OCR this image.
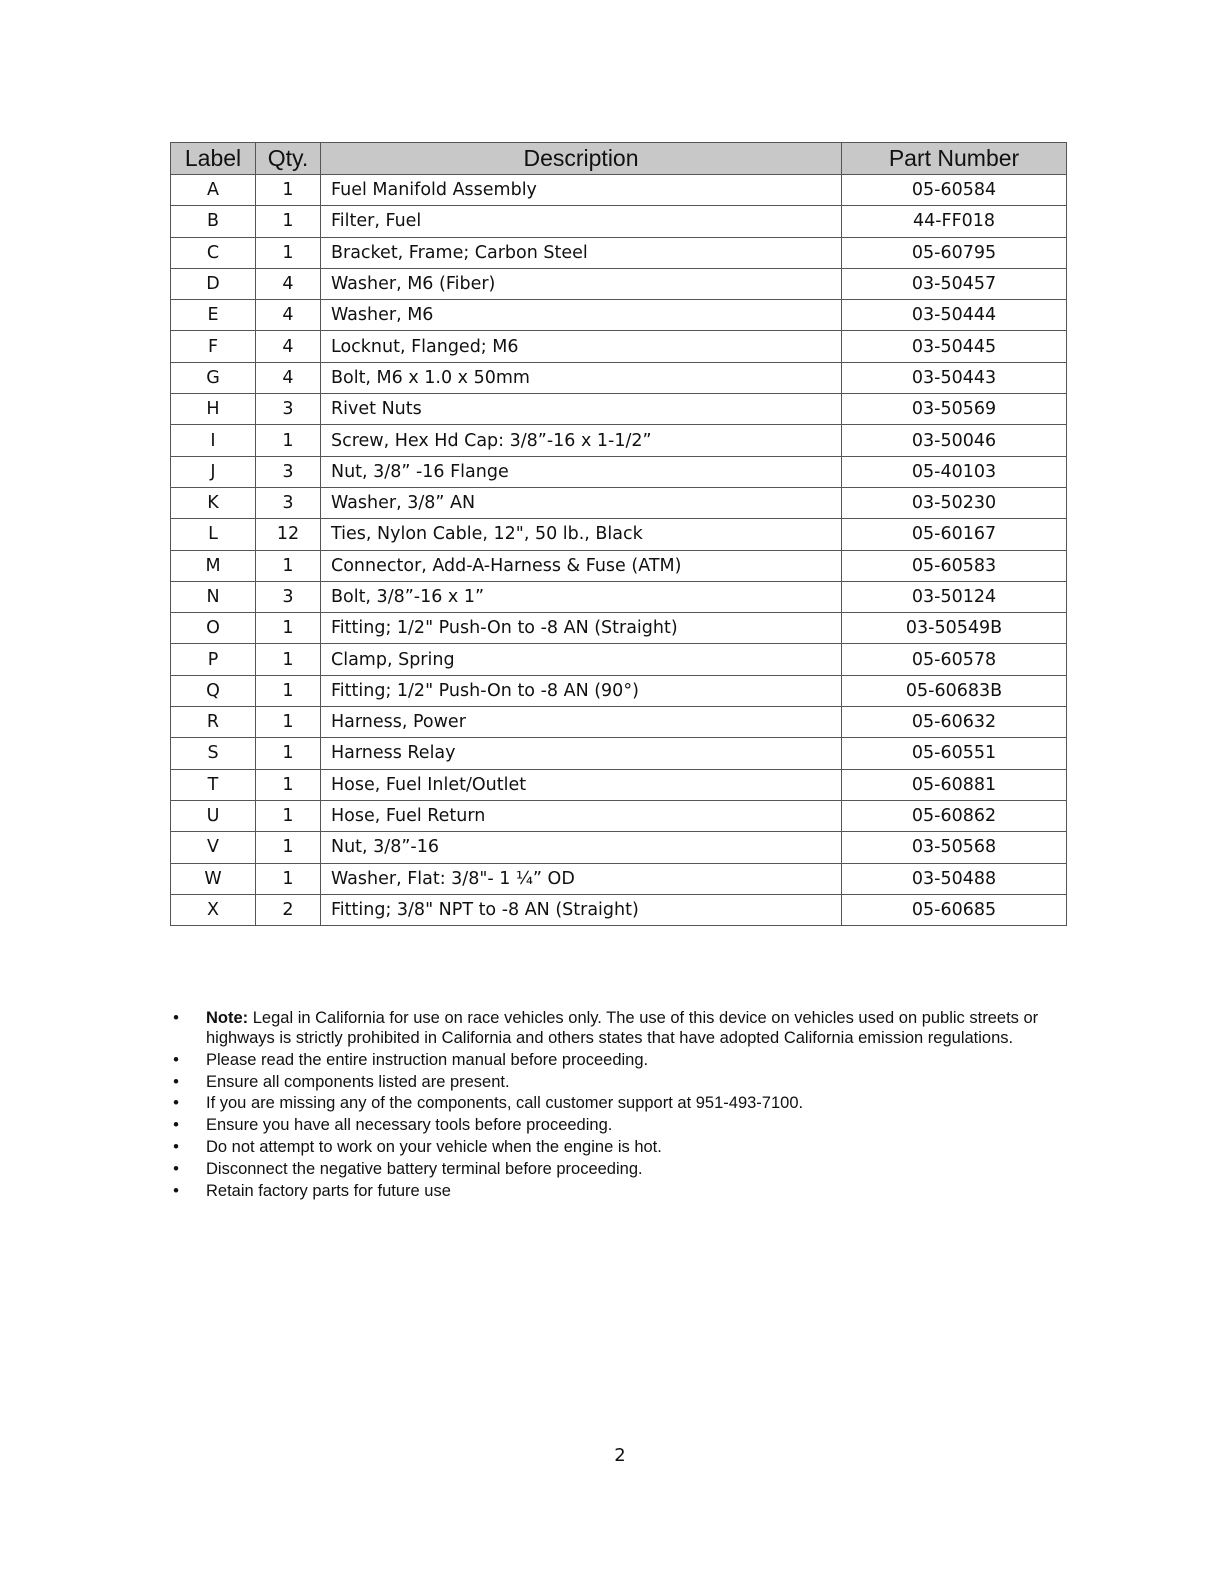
Label	Qty.	Description	Part Number
A	1	Fuel Manifold Assembly	05-60584
B	1	Filter, Fuel	44-FF018
C	1	Bracket, Frame; Carbon Steel	05-60795
D	4	Washer, M6 (Fiber)	03-50457
E	4	Washer, M6	03-50444
F	4	Locknut, Flanged; M6	03-50445
G	4	Bolt, M6 x 1.0 x 50mm	03-50443
H	3	Rivet Nuts	03-50569
I	1	Screw, Hex Hd Cap: 3/8”-16 x 1-1/2”	03-50046
J	3	Nut, 3/8” -16 Flange	05-40103
K	3	Washer, 3/8” AN	03-50230
L	12	Ties, Nylon Cable, 12", 50 lb., Black	05-60167
M	1	Connector, Add-A-Harness & Fuse (ATM)	05-60583
N	3	Bolt, 3/8”-16 x 1”	03-50124
O	1	Fitting; 1/2" Push-On to -8 AN (Straight)	03-50549B
P	1	Clamp, Spring	05-60578
Q	1	Fitting; 1/2" Push-On to -8 AN (90°)	05-60683B
R	1	Harness, Power	05-60632
S	1	Harness Relay	05-60551
T	1	Hose, Fuel Inlet/Outlet	05-60881
U	1	Hose, Fuel Return	05-60862
V	1	Nut, 3/8”-16	03-50568
W	1	Washer, Flat: 3/8"- 1 ¼” OD	03-50488
X	2	Fitting; 3/8" NPT to -8 AN (Straight)	05-60685
• Note: Legal in California for use on race vehicles only. The use of this device on vehicles used on public streets or highways is strictly prohibited in California and others states that have adopted California emission regulations.
• Please read the entire instruction manual before proceeding.
• Ensure all components listed are present.
• If you are missing any of the components, call customer support at 951-493-7100.
• Ensure you have all necessary tools before proceeding.
• Do not attempt to work on your vehicle when the engine is hot.
• Disconnect the negative battery terminal before proceeding.
• Retain factory parts for future use
2
